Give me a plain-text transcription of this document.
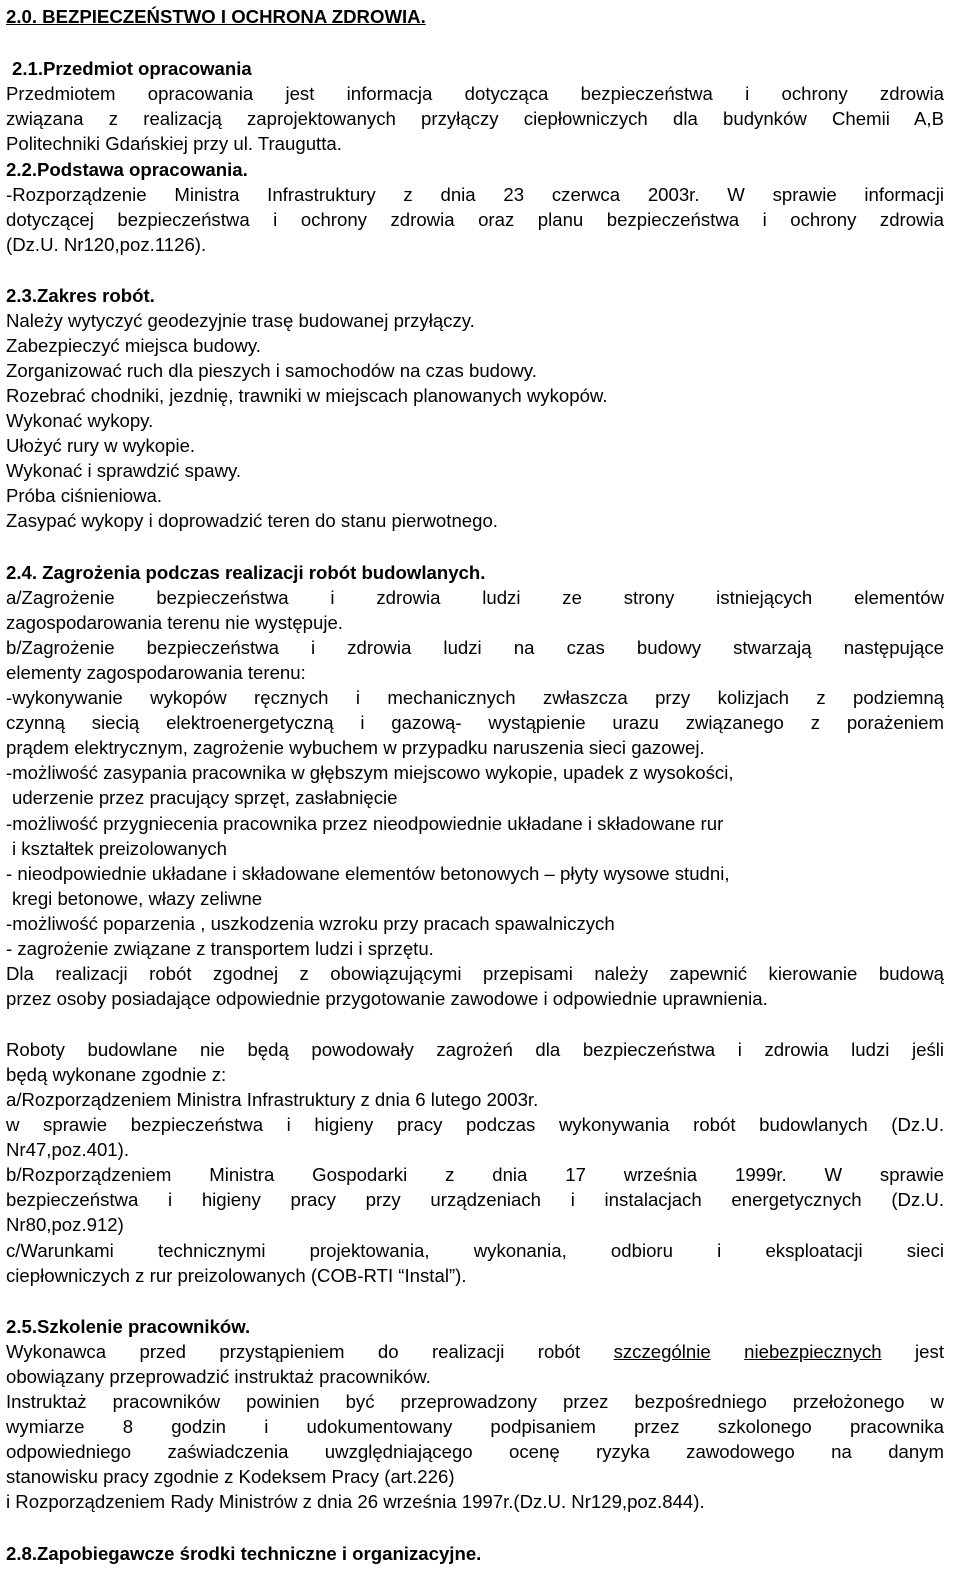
2.0. BEZPIECZEŃSTWO I OCHRONA ZDROWIA.
2.1.Przedmiot opracowania
Przedmiotem opracowania jest informacja dotycząca bezpieczeństwa i ochrony zdrowia
związana z realizacją zaprojektowanych przyłączy ciepłowniczych dla budynków Chemii A,B
Politechniki Gdańskiej przy ul. Traugutta.
2.2.Podstawa opracowania.
-Rozporządzenie Ministra Infrastruktury z dnia 23 czerwca 2003r. W sprawie informacji
dotyczącej bezpieczeństwa i ochrony zdrowia oraz planu bezpieczeństwa i ochrony zdrowia
(Dz.U. Nr120,poz.1126).
2.3.Zakres robót.
Należy wytyczyć geodezyjnie trasę budowanej przyłączy.
Zabezpieczyć miejsca budowy.
Zorganizować ruch dla pieszych i samochodów na czas budowy.
Rozebrać chodniki, jezdnię, trawniki w miejscach planowanych wykopów.
Wykonać wykopy.
Ułożyć rury w wykopie.
Wykonać i sprawdzić spawy.
Próba ciśnieniowa.
Zasypać wykopy i doprowadzić teren do stanu pierwotnego.
2.4. Zagrożenia podczas realizacji robót budowlanych.
a/Zagrożenie bezpieczeństwa i zdrowia ludzi ze strony istniejących elementów
zagospodarowania terenu nie występuje.
b/Zagrożenie bezpieczeństwa i zdrowia ludzi na czas budowy stwarzają następujące
elementy zagospodarowania terenu:
-wykonywanie wykopów ręcznych i mechanicznych zwłaszcza przy kolizjach z podziemną
czynną siecią elektroenergetyczną i gazową- wystąpienie urazu związanego z porażeniem
prądem elektrycznym, zagrożenie wybuchem w przypadku naruszenia sieci gazowej.
-możliwość zasypania pracownika w głębszym miejscowo wykopie, upadek z wysokości,
uderzenie przez pracujący sprzęt, zasłabnięcie
-możliwość przygniecenia pracownika przez nieodpowiednie układane i składowane rur
i kształtek preizolowanych
- nieodpowiednie układane i składowane elementów betonowych – płyty wysowe studni,
kregi betonowe, włazy zeliwne
-możliwość poparzenia , uszkodzenia wzroku przy pracach spawalniczych
- zagrożenie związane z transportem ludzi i sprzętu.
Dla realizacji robót zgodnej z obowiązującymi przepisami należy zapewnić kierowanie budową
przez osoby posiadające odpowiednie przygotowanie zawodowe i odpowiednie uprawnienia.
Roboty budowlane nie będą powodowały zagrożeń dla bezpieczeństwa i zdrowia ludzi jeśli
będą wykonane zgodnie z:
a/Rozporządzeniem Ministra Infrastruktury z dnia 6 lutego 2003r.
w sprawie bezpieczeństwa i higieny pracy podczas wykonywania robót budowlanych (Dz.U.
Nr47,poz.401).
b/Rozporządzeniem Ministra Gospodarki z dnia 17 września 1999r. W sprawie
bezpieczeństwa i higieny pracy przy urządzeniach i instalacjach energetycznych (Dz.U.
Nr80,poz.912)
c/Warunkami technicznymi projektowania, wykonania, odbioru i eksploatacji sieci
ciepłowniczych z rur preizolowanych (COB-RTI “Instal”).
2.5.Szkolenie pracowników.
Wykonawca przed przystąpieniem do realizacji robót szczególnie niebezpiecznych jest
obowiązany przeprowadzić instruktaż pracowników.
Instruktaż pracowników powinien być przeprowadzony przez bezpośredniego przełożonego w
wymiarze 8 godzin i udokumentowany podpisaniem przez szkolonego pracownika
odpowiedniego zaświadczenia uwzględniającego ocenę ryzyka zawodowego na danym
stanowisku pracy zgodnie z Kodeksem Pracy (art.226)
i Rozporządzeniem Rady Ministrów z dnia 26 września 1997r.(Dz.U. Nr129,poz.844).
2.8.Zapobiegawcze środki techniczne i organizacyjne.
